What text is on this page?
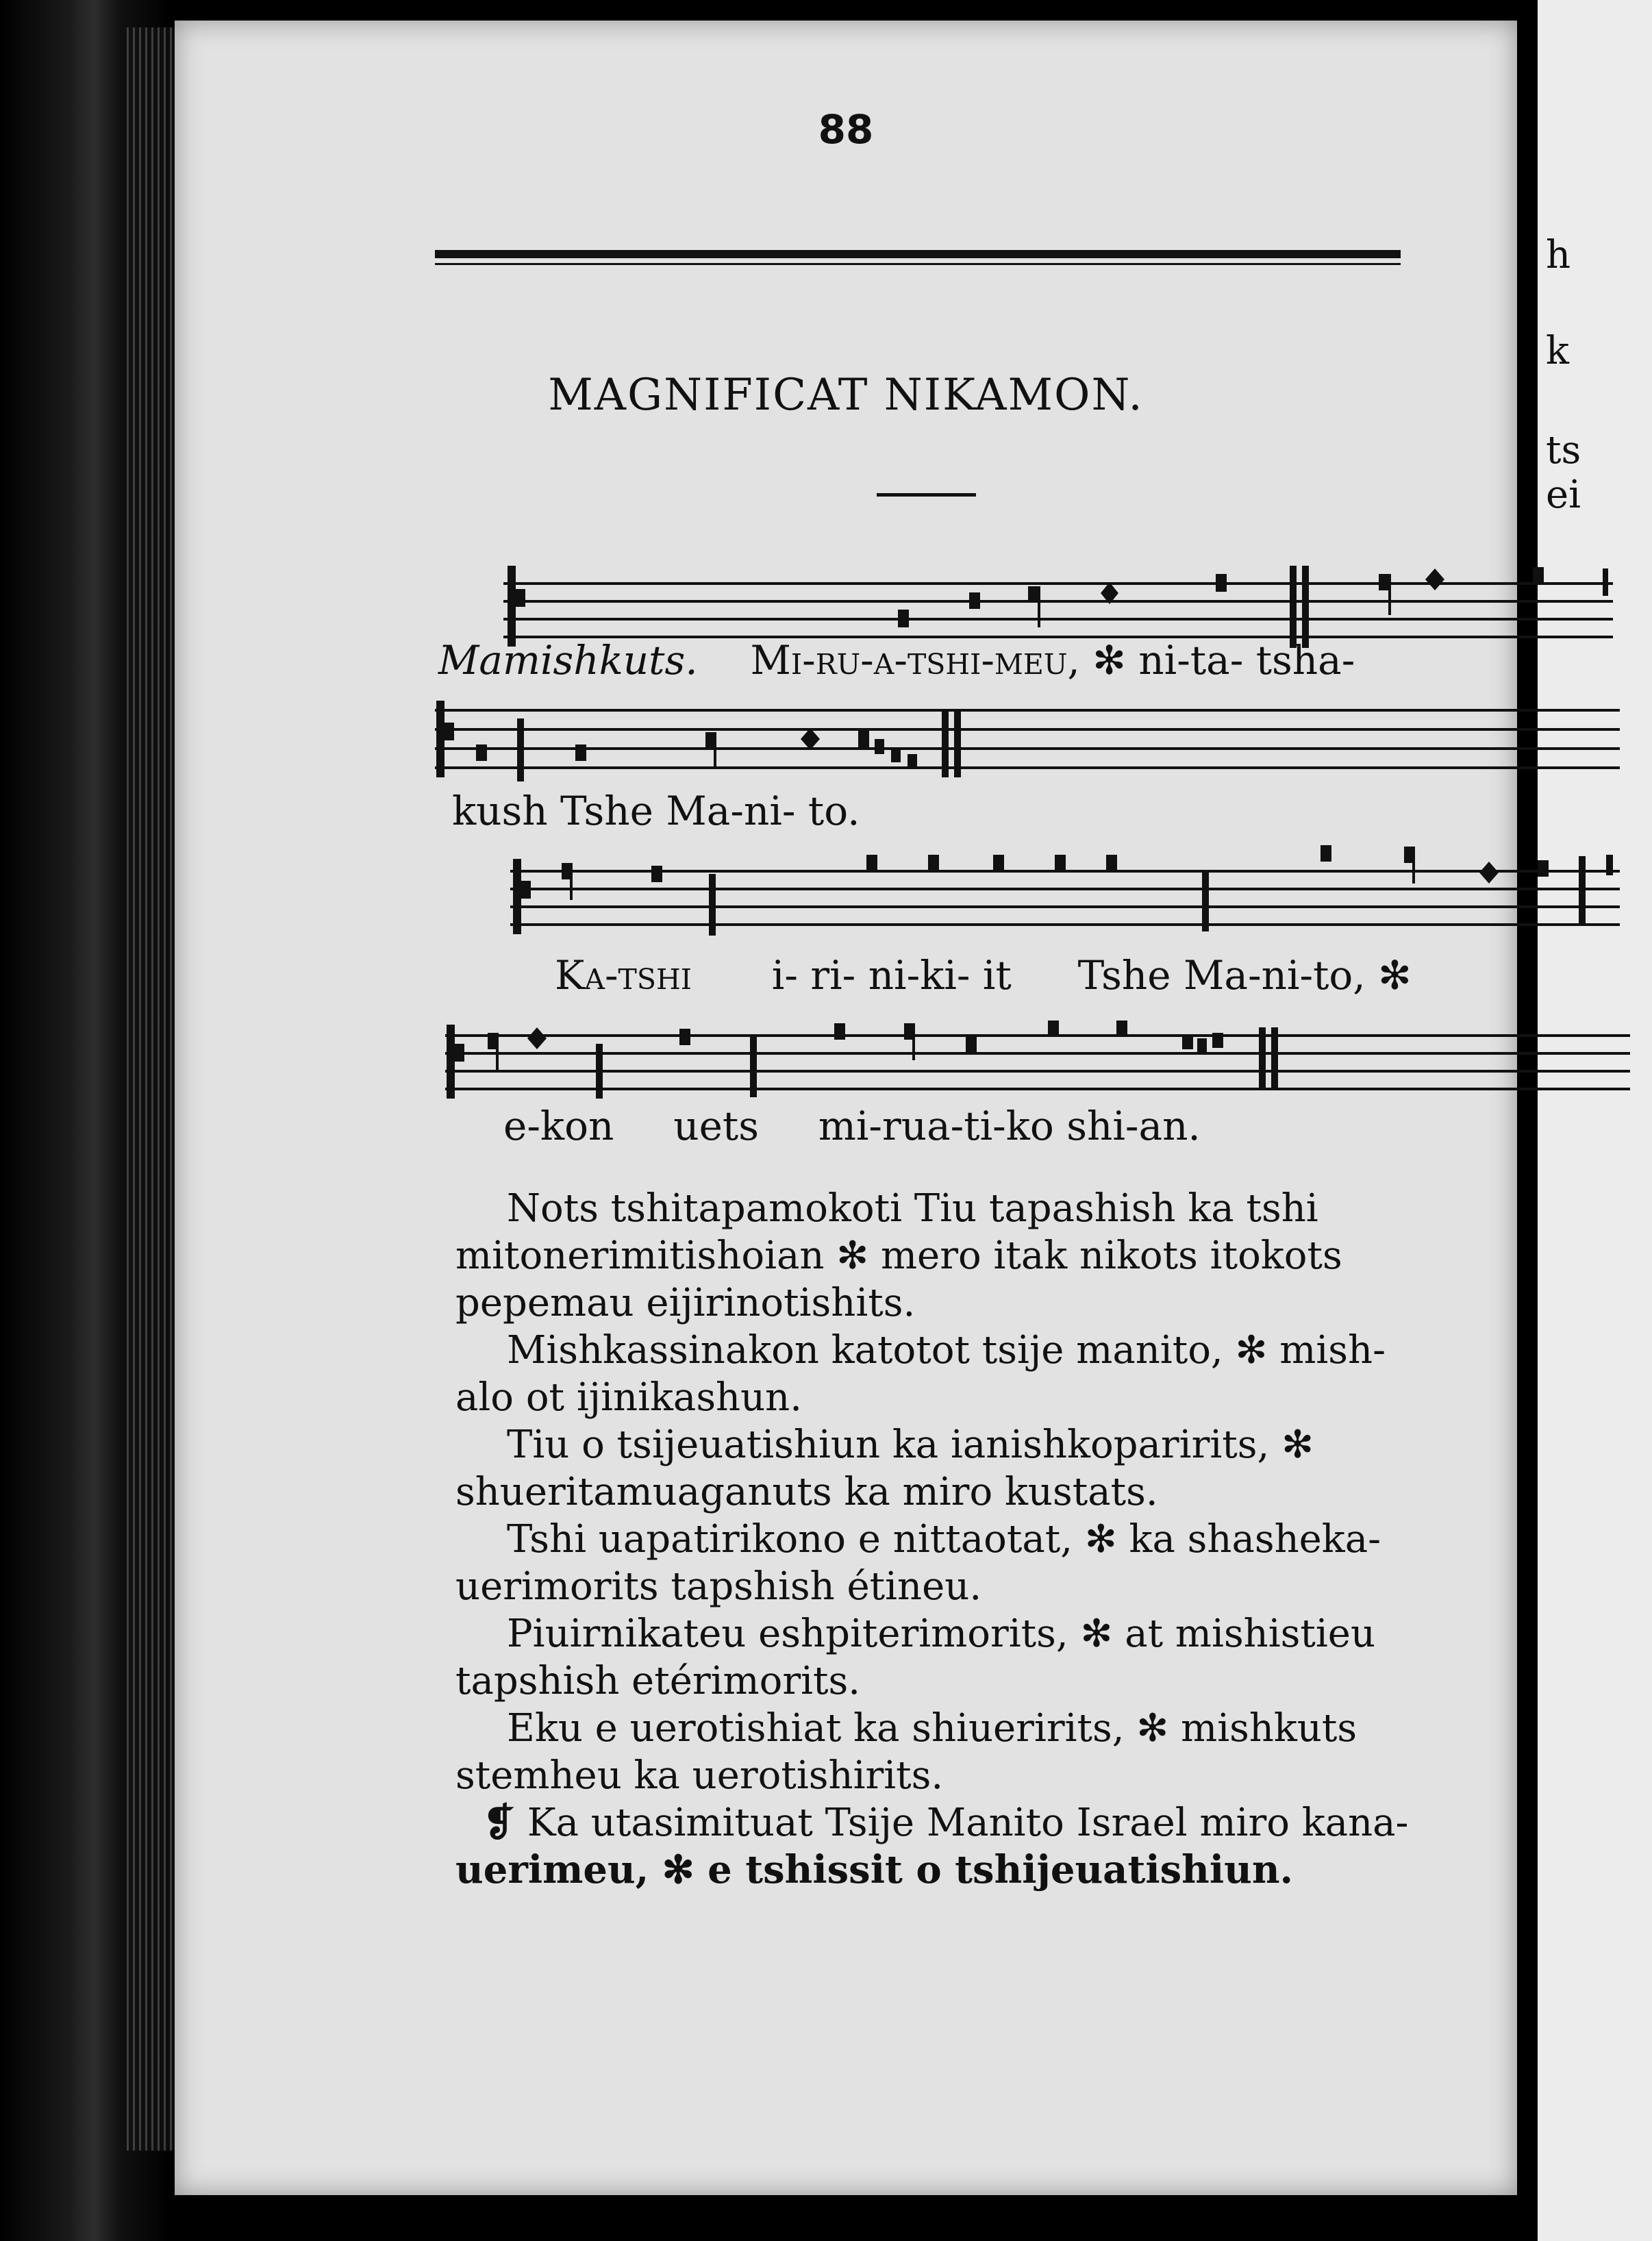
h
k
ts
ei
88
MAGNIFICAT NIKAMON.
Mamishkuts. Mi-ru-a-tshi-meu, ✻ ni-ta- tsha-
kush Tshe Ma-ni- to.
Ka-tshi i- ri- ni-ki- it Tshe Ma-ni-to, ✻
e-kon uets mi-rua-ti-ko shi-an.

Nots tshitapamokoti Tiu tapashish ka tshi
mitonerimitishoian ✻ mero itak nikots itokots
pepemau eijirinotishits.

Mishkassinakon katotot tsije manito, ✻ mish-
alo ot ijinikashun.

Tiu o tsijeuatishiun ka ianishkoparirits, ✻
shueritamuaganuts ka miro kustats.

Tshi uapatirikono e nittaotat, ✻ ka shasheka-
uerimorits tapshish étineu.

Piuirnikateu eshpiterimorits, ✻ at mishistieu
tapshish etérimorits.

Eku e uerotishiat ka shiueririts, ✻ mishkuts
stemheu ka uerotishirits.

❡ Ka utasimituat Tsije Manito Israel miro kana-
uerimeu, ✻ e tshissit o tshijeuatishiun.
